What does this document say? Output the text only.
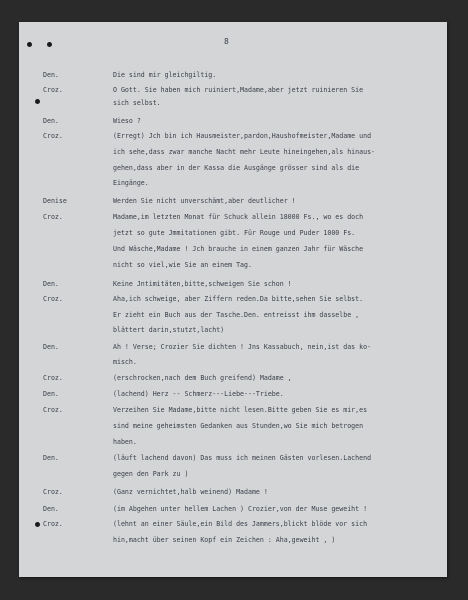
8
Den.	Die sind mir gleichgiltig.
Croz.	O Gott. Sie haben mich ruiniert,Madame,aber jetzt ruinieren Sie
sich selbst.
Den.	Wieso ?
Croz.	(Erregt) Jch bin ich Hausmeister,pardon,Haushofmeister,Madame und
ich sehe,dass zwar manche Nacht mehr Leute hineingehen,als hinaus-
gehen,dass aber in der Kassa die Ausgänge grösser sind als die
Eingänge.
Denise	Werden Sie nicht unverschämt,aber deutlicher !
Croz.	Madame,im letzten Monat für Schuck allein 18000 Fs., wo es doch
jetzt so gute Jmmitationen gibt. Für Rouge und Puder 1000 Fs.
Und Wäsche,Madame ! Jch brauche in einem ganzen Jahr für Wäsche
nicht so viel,wie Sie an einem Tag.
Den.	Keine Jntimitäten,bitte,schweigen Sie schon !
Croz.	Aha,ich schweige, aber Ziffern reden.Da bitte,sehen Sie selbst.
Er zieht ein Buch aus der Tasche.Den. entreisst ihm dasselbe ,
blättert darin,stutzt,lacht)
Den.	Ah ! Verse; Crozier Sie dichten ! Jns Kassabuch, nein,ist das ko-
misch.
Croz.	(erschrocken,nach dem Buch greifend) Madame ,
Den.	(lachend) Herz -- Schmerz---Liebe---Triebe.
Croz.	Verzeihen Sie Madame,bitte nicht lesen.Bitte geben Sie es mir,es
sind meine geheimsten Gedanken aus Stunden,wo Sie mich betrogen
haben.
Den.	(läuft lachend davon) Das muss ich meinen Gästen vorlesen.Lachend
gegen den Park zu )
Croz.	(Ganz vernichtet,halb weinend) Madame !
Den.	(im Abgehen unter hellem Lachen ) Crozier,von der Muse geweiht !
Croz.	(lehnt an einer Säule,ein Bild des Jammers,blickt blöde vor sich
hin,macht über seinen Kopf ein Zeichen : Aha,geweiht , )
